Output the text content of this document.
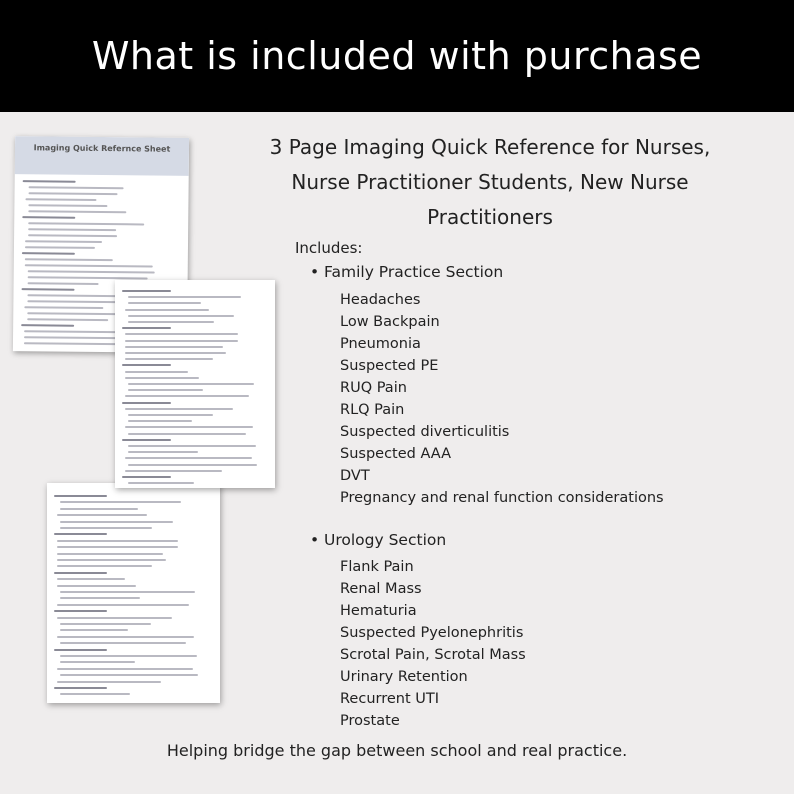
What is included with purchase
Imaging Quick Refernce Sheet	3 Page Imaging Quick Reference for Nurses,
Nurse Practitioner Students, New Nurse
Practitioners
Includes:
• Family Practice Section
Headaches
Low Backpain
Pneumonia
Suspected PE
RUQ Pain
RLQ Pain
Suspected diverticulitis
Suspected AAA
DVT
Pregnancy and renal function considerations
• Urology Section
Flank Pain
Renal Mass
Hematuria
Suspected Pyelonephritis
Scrotal Pain, Scrotal Mass
Urinary Retention
Recurrent UTI
Prostate
Helping bridge the gap between school and real practice.
